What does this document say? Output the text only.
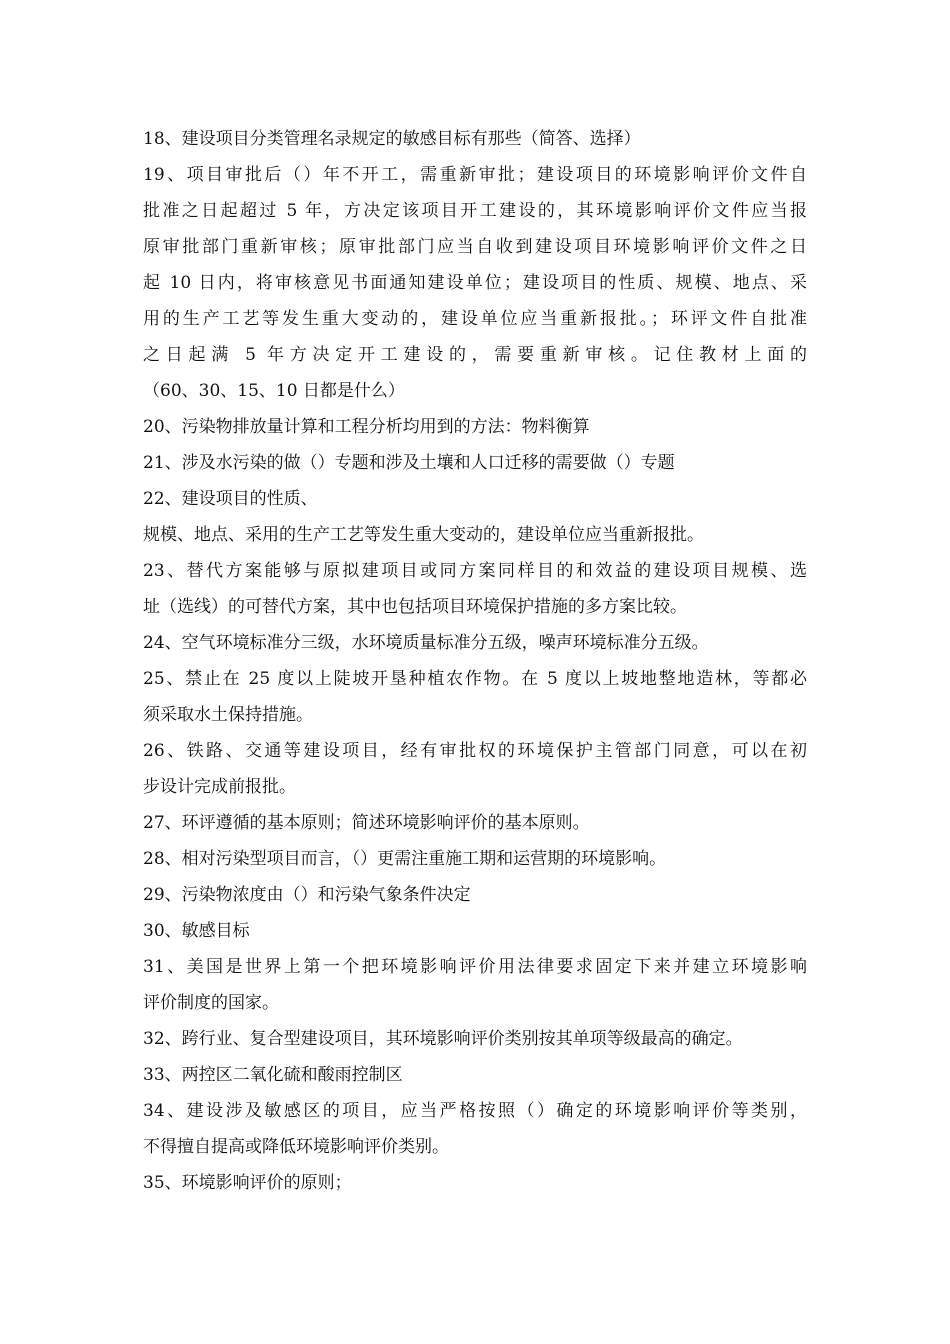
18、建设项目分类管理名录规定的敏感目标有那些（简答、选择）
19、项目审批后（）年不开工，需重新审批；建设项目的环境影响评价文件自
批准之日起超过 5 年，方决定该项目开工建设的，其环境影响评价文件应当报
原审批部门重新审核；原审批部门应当自收到建设项目环境影响评价文件之日
起 10 日内，将审核意见书面通知建设单位；建设项目的性质、规模、地点、采
用的生产工艺等发生重大变动的，建设单位应当重新报批。；环评文件自批准
之日起满 5 年方决定开工建设的，需要重新审核。记住教材上面的
（60、30、15、10 日都是什么）
20、污染物排放量计算和工程分析均用到的方法：物料衡算
21、涉及水污染的做（）专题和涉及土壤和人口迁移的需要做（）专题
22、建设项目的性质、
规模、地点、采用的生产工艺等发生重大变动的，建设单位应当重新报批。
23、替代方案能够与原拟建项目或同方案同样目的和效益的建设项目规模、选
址（选线）的可替代方案，其中也包括项目环境保护措施的多方案比较。
24、空气环境标准分三级，水环境质量标准分五级，噪声环境标准分五级。
25、禁止在 25 度以上陡坡开垦种植农作物。在 5 度以上坡地整地造林，等都必
须采取水土保持措施。
26、铁路、交通等建设项目，经有审批权的环境保护主管部门同意，可以在初
步设计完成前报批。
27、环评遵循的基本原则；简述环境影响评价的基本原则。
28、相对污染型项目而言，（）更需注重施工期和运营期的环境影响。
29、污染物浓度由（）和污染气象条件决定
30、敏感目标
31、美国是世界上第一个把环境影响评价用法律要求固定下来并建立环境影响
评价制度的国家。
32、跨行业、复合型建设项目，其环境影响评价类别按其单项等级最高的确定。
33、两控区二氧化硫和酸雨控制区
34、建设涉及敏感区的项目，应当严格按照（）确定的环境影响评价等类别，
不得擅自提高或降低环境影响评价类别。
35、环境影响评价的原则；
